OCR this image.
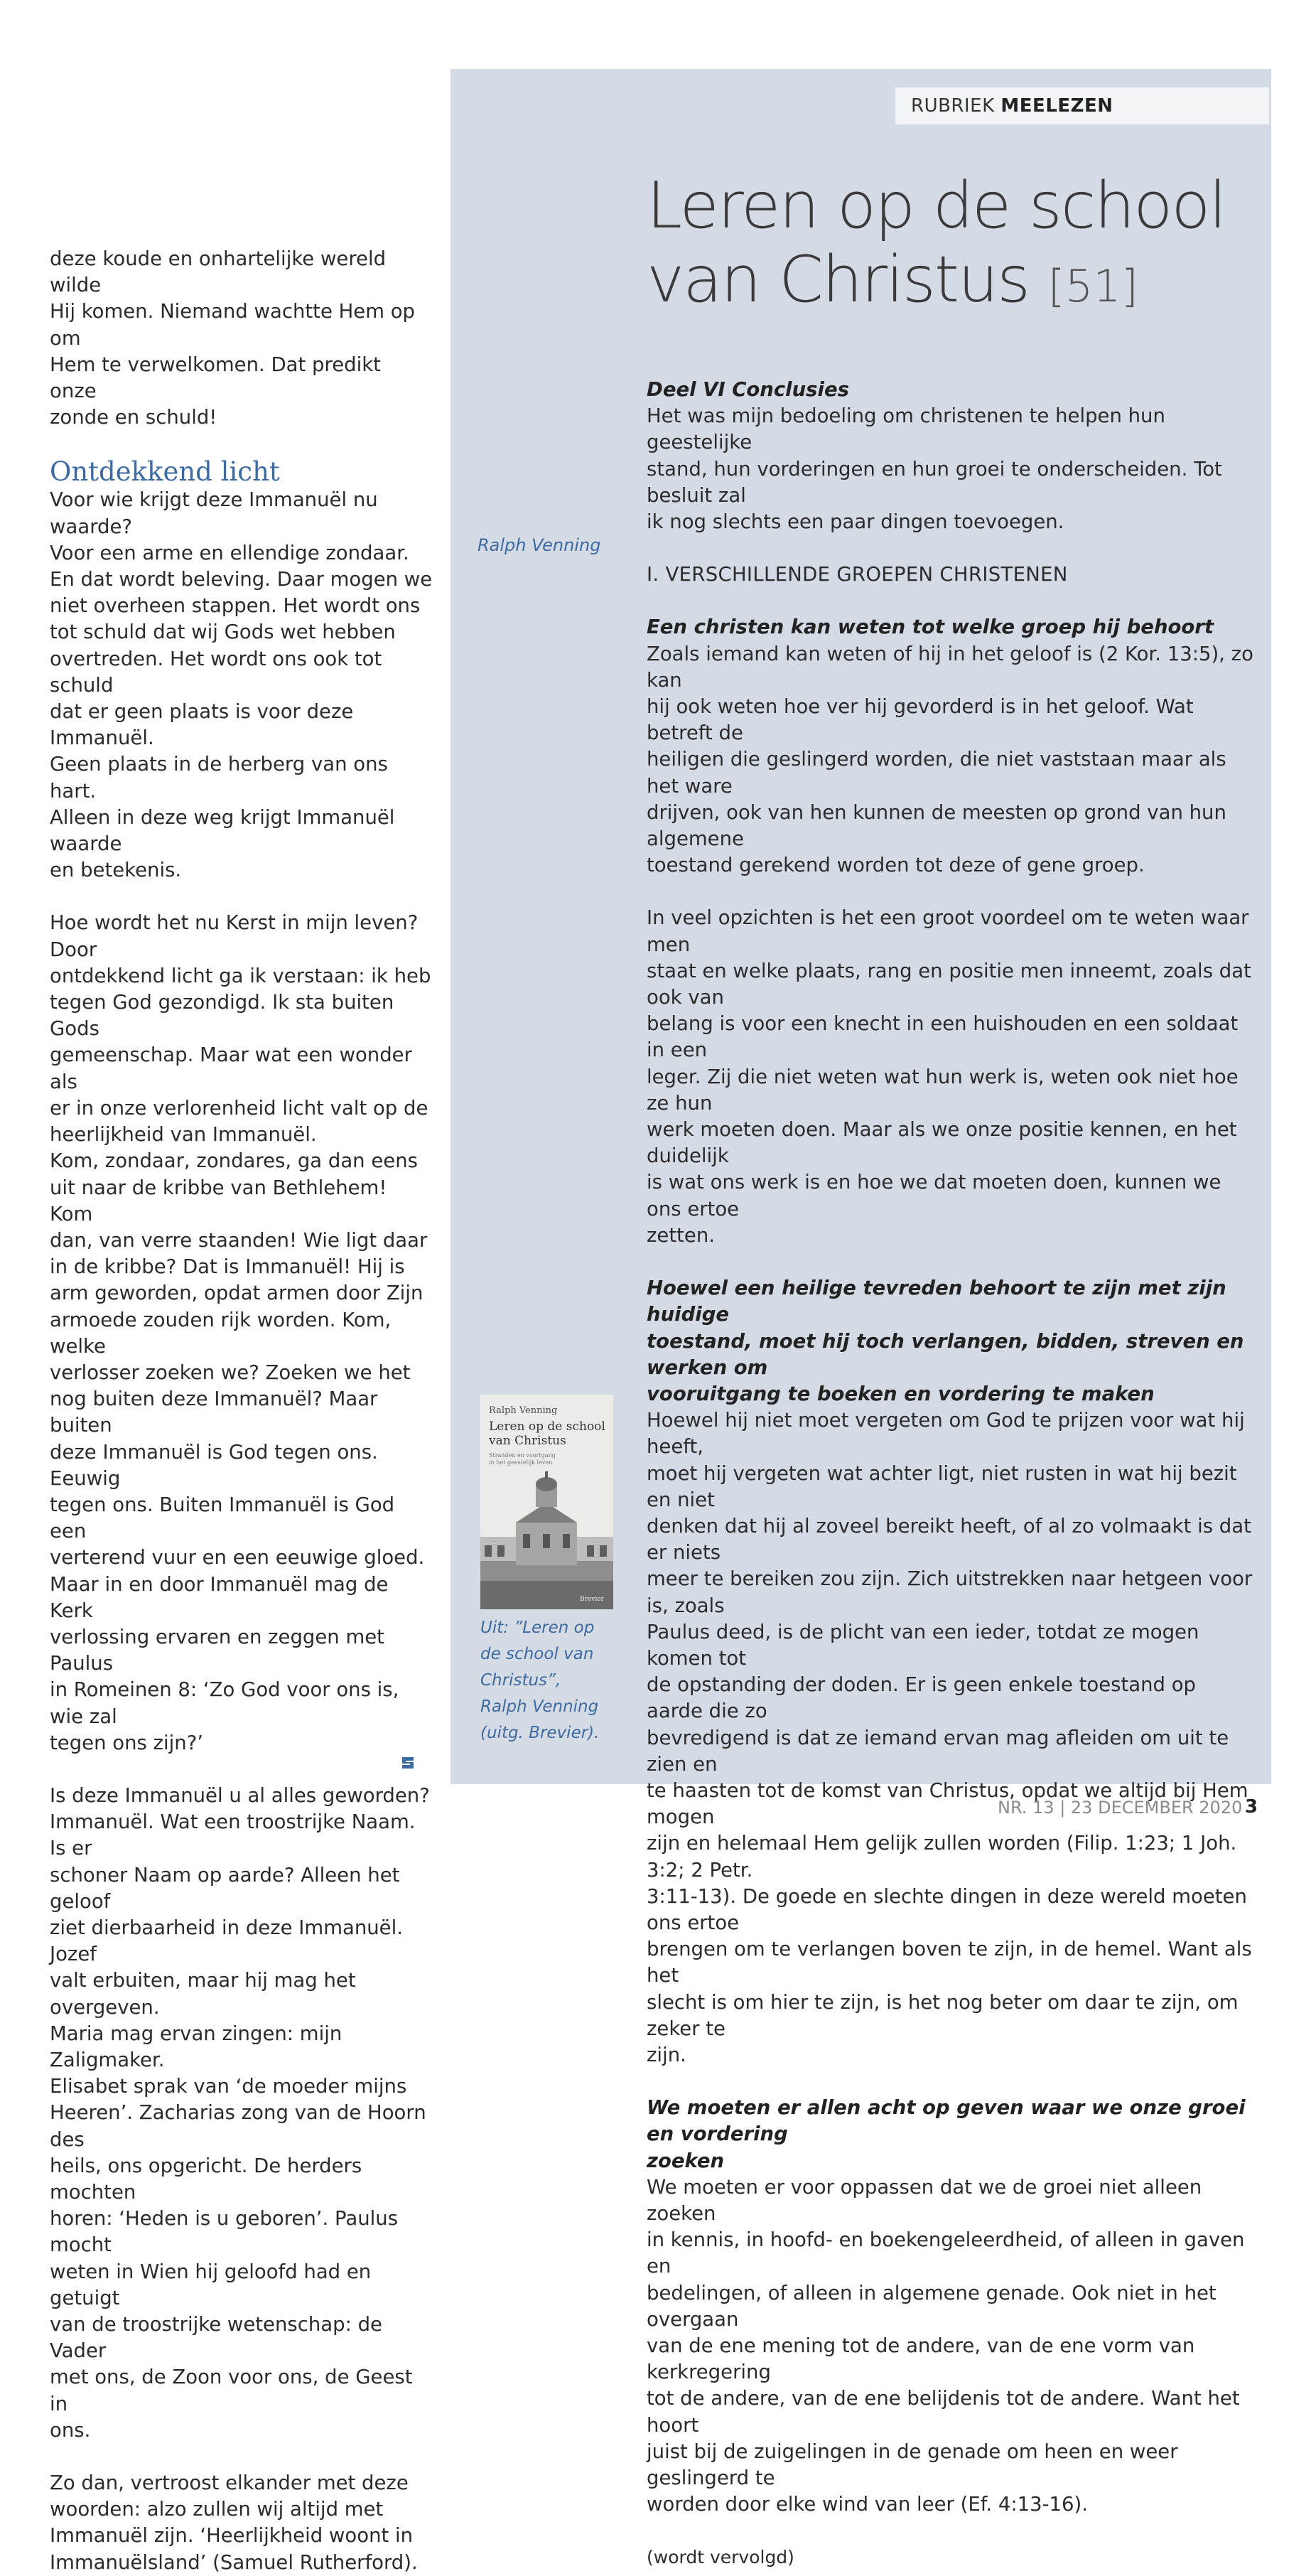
RUBRIEK MEELEZEN

deze koude en onhartelijke wereld wilde
Hij komen. Niemand wachtte Hem op om
Hem te verwelkomen. Dat predikt onze
zonde en schuld!

Ontdekkend licht

Voor wie krijgt deze Immanuël nu waarde?
Voor een arme en ellendige zondaar.
En dat wordt beleving. Daar mogen we
niet overheen stappen. Het wordt ons
tot schuld dat wij Gods wet hebben
overtreden. Het wordt ons ook tot schuld
dat er geen plaats is voor deze Immanuël.
Geen plaats in de herberg van ons hart.
Alleen in deze weg krijgt Immanuël waarde
en betekenis.

Hoe wordt het nu Kerst in mijn leven? Door
ontdekkend licht ga ik verstaan: ik heb
tegen God gezondigd. Ik sta buiten Gods
gemeenschap. Maar wat een wonder als
er in onze verlorenheid licht valt op de
heerlijkheid van Immanuël.
Kom, zondaar, zondares, ga dan eens
uit naar de kribbe van Bethlehem! Kom
dan, van verre staanden! Wie ligt daar
in de kribbe? Dat is Immanuël! Hij is
arm geworden, opdat armen door Zijn
armoede zouden rijk worden. Kom, welke
verlosser zoeken we? Zoeken we het
nog buiten deze Immanuël? Maar buiten
deze Immanuël is God tegen ons. Eeuwig
tegen ons. Buiten Immanuël is God een
verterend vuur en een eeuwige gloed.
Maar in en door Immanuël mag de Kerk
verlossing ervaren en zeggen met Paulus
in Romeinen 8: ‘Zo God voor ons is, wie zal
tegen ons zijn?’

Is deze Immanuël u al alles geworden?
Immanuël. Wat een troostrijke Naam. Is er
schoner Naam op aarde? Alleen het geloof
ziet dierbaarheid in deze Immanuël. Jozef
valt erbuiten, maar hij mag het overgeven.
Maria mag ervan zingen: mijn Zaligmaker.
Elisabet sprak van ‘de moeder mijns
Heeren’. Zacharias zong van de Hoorn des
heils, ons opgericht. De herders mochten
horen: ‘Heden is u geboren’. Paulus mocht
weten in Wien hij geloofd had en getuigt
van de troostrijke wetenschap: de Vader
met ons, de Zoon voor ons, de Geest in
ons.

Zo dan, vertroost elkander met deze
woorden: alzo zullen wij altijd met
Immanuël zijn. ‘Heerlijkheid woont in
Immanuëlsland’ (Samuel Rutherford).

Leren op de school
van Christus [51]

Deel VI Conclusies

Het was mijn bedoeling om christenen te helpen hun geestelijke
stand, hun vorderingen en hun groei te onderscheiden. Tot besluit zal
ik nog slechts een paar dingen toevoegen.

I. VERSCHILLENDE GROEPEN CHRISTENEN

Een christen kan weten tot welke groep hij behoort

Zoals iemand kan weten of hij in het geloof is (2 Kor. 13:5), zo kan
hij ook weten hoe ver hij gevorderd is in het geloof. Wat betreft de
heiligen die geslingerd worden, die niet vaststaan maar als het ware
drijven, ook van hen kunnen de meesten op grond van hun algemene
toestand gerekend worden tot deze of gene groep.

In veel opzichten is het een groot voordeel om te weten waar men
staat en welke plaats, rang en positie men inneemt, zoals dat ook van
belang is voor een knecht in een huishouden en een soldaat in een
leger. Zij die niet weten wat hun werk is, weten ook niet hoe ze hun
werk moeten doen. Maar als we onze positie kennen, en het duidelijk
is wat ons werk is en hoe we dat moeten doen, kunnen we ons ertoe
zetten.

Hoewel een heilige tevreden behoort te zijn met zijn huidige
toestand, moet hij toch verlangen, bidden, streven en werken om
vooruitgang te boeken en vordering te maken

Hoewel hij niet moet vergeten om God te prijzen voor wat hij heeft,
moet hij vergeten wat achter ligt, niet rusten in wat hij bezit en niet
denken dat hij al zoveel bereikt heeft, of al zo volmaakt is dat er niets
meer te bereiken zou zijn. Zich uitstrekken naar hetgeen voor is, zoals
Paulus deed, is de plicht van een ieder, totdat ze mogen komen tot
de opstanding der doden. Er is geen enkele toestand op aarde die zo
bevredigend is dat ze iemand ervan mag afleiden om uit te zien en
te haasten tot de komst van Christus, opdat we altijd bij Hem mogen
zijn en helemaal Hem gelijk zullen worden (Filip. 1:23; 1 Joh. 3:2; 2 Petr.
3:11-13). De goede en slechte dingen in deze wereld moeten ons ertoe
brengen om te verlangen boven te zijn, in de hemel. Want als het
slecht is om hier te zijn, is het nog beter om daar te zijn, om zeker te
zijn.

We moeten er allen acht op geven waar we onze groei en vordering
zoeken

We moeten er voor oppassen dat we de groei niet alleen zoeken
in kennis, in hoofd- en boekengeleerdheid, of alleen in gaven en
bedelingen, of alleen in algemene genade. Ook niet in het overgaan
van de ene mening tot de andere, van de ene vorm van kerkregering
tot de andere, van de ene belijdenis tot de andere. Want het hoort
juist bij de zuigelingen in de genade om heen en weer geslingerd te
worden door elke wind van leer (Ef. 4:13-16).

(wordt vervolgd)

Ralph Venning
Ralph Venning
Leren op de school van Christus
Stranden en voortgang in het geestelijk leven
Brevier
Uit: ”Leren op
de school van
Christus”,
Ralph Venning
(uitg. Brevier).
NR. 13 | 23 DECEMBER 2020 3
